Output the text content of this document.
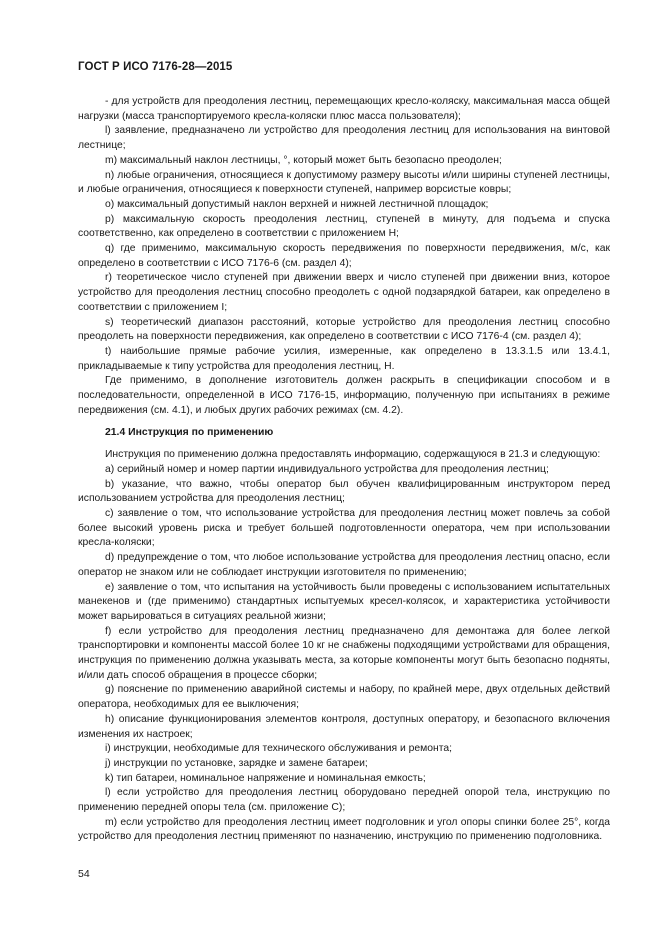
ГОСТ Р ИСО 7176-28—2015

- для устройств для преодоления лестниц, перемещающих кресло-коляску, максимальная масса общей нагрузки (масса транспортируемого кресла-коляски плюс масса пользователя);

l) заявление, предназначено ли устройство для преодоления лестниц для использования на винтовой лестнице;

m) максимальный наклон лестницы, °, который может быть безопасно преодолен;

n) любые ограничения, относящиеся к допустимому размеру высоты и/или ширины ступеней лестницы, и любые ограничения, относящиеся к поверхности ступеней, например ворсистые ковры;

o) максимальный допустимый наклон верхней и нижней лестничной площадок;

p) максимальную скорость преодоления лестниц, ступеней в минуту, для подъема и спуска соответственно, как определено в соответствии с приложением H;

q) где применимо, максимальную скорость передвижения по поверхности передвижения, м/с, как определено в соответствии с ИСО 7176-6 (см. раздел 4);

r) теоретическое число ступеней при движении вверх и число ступеней при движении вниз, которое устройство для преодоления лестниц способно преодолеть с одной подзарядкой батареи, как определено в соответствии с приложением I;

s) теоретический диапазон расстояний, которые устройство для преодоления лестниц способно преодолеть на поверхности передвижения, как определено в соответствии с ИСО 7176-4 (см. раздел 4);

t) наибольшие прямые рабочие усилия, измеренные, как определено в 13.3.1.5 или 13.4.1, прикладываемые к типу устройства для преодоления лестниц, H.

Где применимо, в дополнение изготовитель должен раскрыть в спецификации способом и в последовательности, определенной в ИСО 7176-15, информацию, полученную при испытаниях в режиме передвижения (см. 4.1), и любых других рабочих режимах (см. 4.2).

21.4 Инструкция по применению

Инструкция по применению должна предоставлять информацию, содержащуюся в 21.3 и следующую:

a) серийный номер и номер партии индивидуального устройства для преодоления лестниц;

b) указание, что важно, чтобы оператор был обучен квалифицированным инструктором перед использованием устройства для преодоления лестниц;

c) заявление о том, что использование устройства для преодоления лестниц может повлечь за собой более высокий уровень риска и требует большей подготовленности оператора, чем при использовании кресла-коляски;

d) предупреждение о том, что любое использование устройства для преодоления лестниц опасно, если оператор не знаком или не соблюдает инструкции изготовителя по применению;

e) заявление о том, что испытания на устойчивость были проведены с использованием испытательных манекенов и (где применимо) стандартных испытуемых кресел-колясок, и характеристика устойчивости может варьироваться в ситуациях реальной жизни;

f) если устройство для преодоления лестниц предназначено для демонтажа для более легкой транспортировки и компоненты массой более 10 кг не снабжены подходящими устройствами для обращения, инструкция по применению должна указывать места, за которые компоненты могут быть безопасно подняты, и/или дать способ обращения в процессе сборки;

g) пояснение по применению аварийной системы и набору, по крайней мере, двух отдельных действий оператора, необходимых для ее выключения;

h) описание функционирования элементов контроля, доступных оператору, и безопасного включения изменения их настроек;

i) инструкции, необходимые для технического обслуживания и ремонта;

j) инструкции по установке, зарядке и замене батареи;

k) тип батареи, номинальное напряжение и номинальная емкость;

l) если устройство для преодоления лестниц оборудовано передней опорой тела, инструкцию по применению передней опоры тела (см. приложение C);

m) если устройство для преодоления лестниц имеет подголовник и угол опоры спинки более 25°, когда устройство для преодоления лестниц применяют по назначению, инструкцию по применению подголовника.

54
